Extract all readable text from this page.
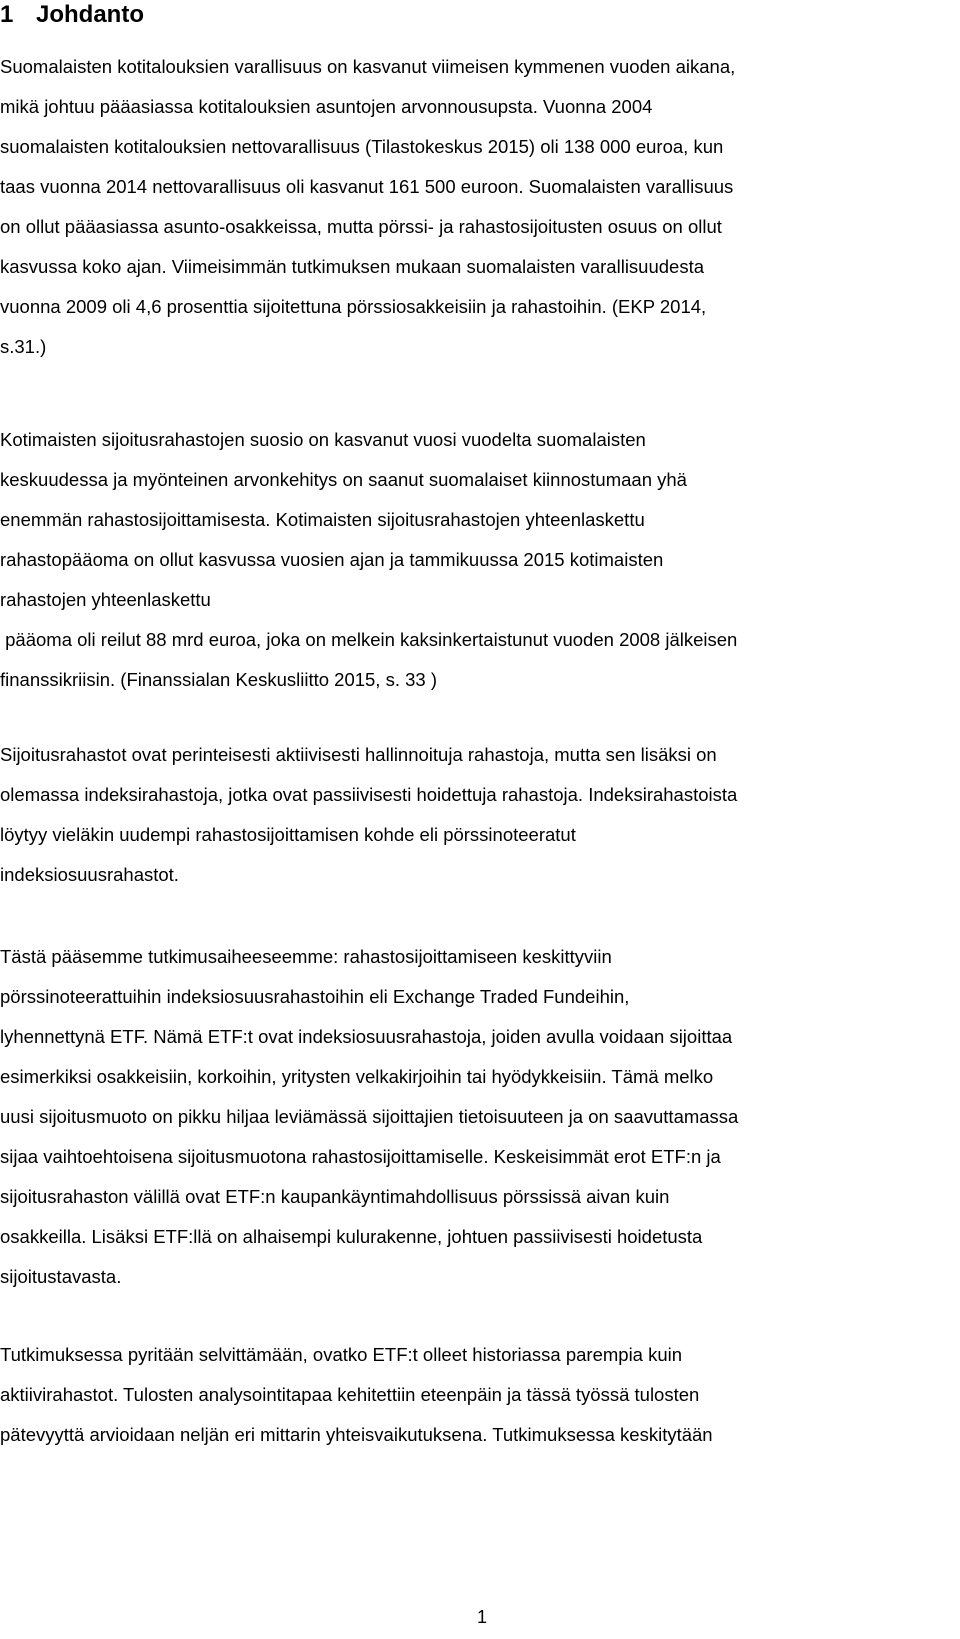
1 Johdanto
Suomalaisten kotitalouksien varallisuus on kasvanut viimeisen kymmenen vuoden aikana,
mikä johtuu pääasiassa kotitalouksien asuntojen arvonnousupsta. Vuonna 2004
suomalaisten kotitalouksien nettovarallisuus (Tilastokeskus 2015) oli 138 000 euroa, kun
taas vuonna 2014 nettovarallisuus oli kasvanut 161 500 euroon. Suomalaisten varallisuus
on ollut pääasiassa asunto-osakkeissa, mutta pörssi- ja rahastosijoitusten osuus on ollut
kasvussa koko ajan. Viimeisimmän tutkimuksen mukaan suomalaisten varallisuudesta
vuonna 2009 oli 4,6 prosenttia sijoitettuna pörssiosakkeisiin ja rahastoihin. (EKP 2014,
s.31.)
Kotimaisten sijoitusrahastojen suosio on kasvanut vuosi vuodelta suomalaisten
keskuudessa ja myönteinen arvonkehitys on saanut suomalaiset kiinnostumaan yhä
enemmän rahastosijoittamisesta. Kotimaisten sijoitusrahastojen yhteenlaskettu
rahastopääoma on ollut kasvussa vuosien ajan ja tammikuussa 2015 kotimaisten
rahastojen yhteenlaskettu
pääoma oli reilut 88 mrd euroa, joka on melkein kaksinkertaistunut vuoden 2008 jälkeisen
finanssikriisin. (Finanssialan Keskusliitto 2015, s. 33 )
Sijoitusrahastot ovat perinteisesti aktiivisesti hallinnoituja rahastoja, mutta sen lisäksi on
olemassa indeksirahastoja, jotka ovat passiivisesti hoidettuja rahastoja. Indeksirahastoista
löytyy vieläkin uudempi rahastosijoittamisen kohde eli pörssinoteeratut
indeksiosuusrahastot.
Tästä pääsemme tutkimusaiheeseemme: rahastosijoittamiseen keskittyviin
pörssinoteerattuihin indeksiosuusrahastoihin eli Exchange Traded Fundeihin,
lyhennettynä ETF. Nämä ETF:t ovat indeksiosuusrahastoja, joiden avulla voidaan sijoittaa
esimerkiksi osakkeisiin, korkoihin, yritysten velkakirjoihin tai hyödykkeisiin. Tämä melko
uusi sijoitusmuoto on pikku hiljaa leviämässä sijoittajien tietoisuuteen ja on saavuttamassa
sijaa vaihtoehtoisena sijoitusmuotona rahastosijoittamiselle. Keskeisimmät erot ETF:n ja
sijoitusrahaston välillä ovat ETF:n kaupankäyntimahdollisuus pörssissä aivan kuin
osakkeilla. Lisäksi ETF:llä on alhaisempi kulurakenne, johtuen passiivisesti hoidetusta
sijoitustavasta.
Tutkimuksessa pyritään selvittämään, ovatko ETF:t olleet historiassa parempia kuin
aktiivirahastot. Tulosten analysointitapaa kehitettiin eteenpäin ja tässä työssä tulosten
pätevyyttä arvioidaan neljän eri mittarin yhteisvaikutuksena. Tutkimuksessa keskitytään
1
